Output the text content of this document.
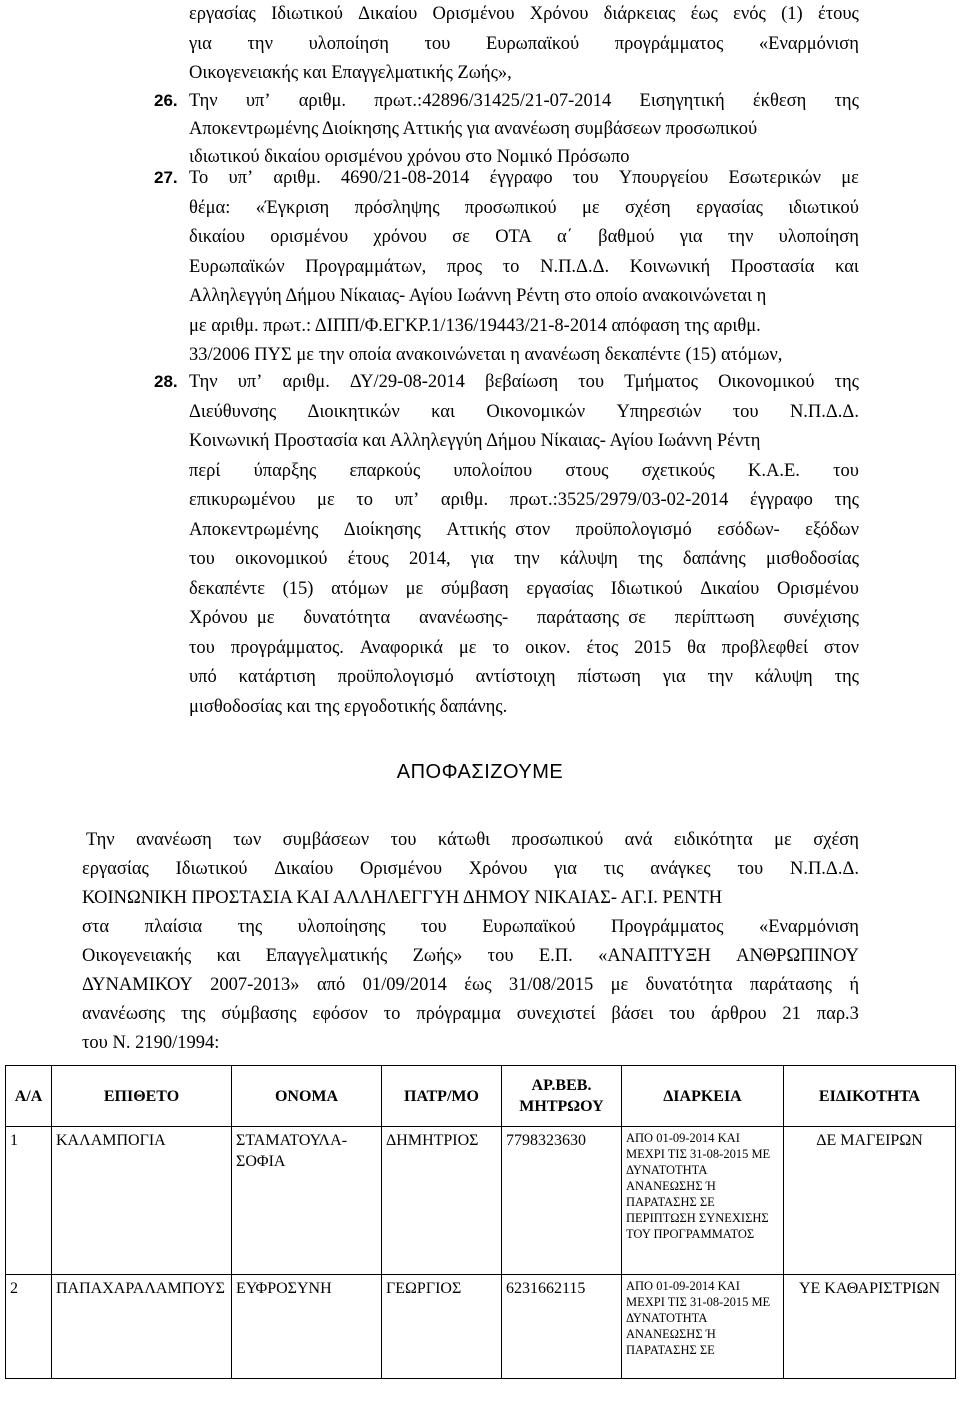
εργασίας Ιδιωτικού Δικαίου Ορισμένου Χρόνου διάρκειας έως ενός (1) έτους
για την υλοποίηση του Ευρωπαϊκού προγράμματος «Εναρμόνιση
Οικογενειακής και Επαγγελματικής Ζωής»,
26. Την υπ’ αριθμ. πρωτ.:42896/31425/21-07-2014 Εισηγητική έκθεση της
Αποκεντρωμένης Διοίκησης Αττικής για ανανέωση συμβάσεων προσωπικού
ιδιωτικού δικαίου ορισμένου χρόνου στο Νομικό Πρόσωπο
27. Το υπ’ αριθμ. 4690/21-08-2014 έγγραφο του Υπουργείου Εσωτερικών με
θέμα: «Έγκριση πρόσληψης προσωπικού με σχέση εργασίας ιδιωτικού
δικαίου ορισμένου χρόνου σε ΟΤΑ α΄ βαθμού για την υλοποίηση
Ευρωπαϊκών Προγραμμάτων, προς το Ν.Π.Δ.Δ. Κοινωνική Προστασία και
Αλληλεγγύη Δήμου Νίκαιας- Αγίου Ιωάννη Ρέντη στο οποίο ανακοινώνεται η
με αριθμ. πρωτ.: ΔΙΠΠ/Φ.ΕΓΚΡ.1/136/19443/21-8-2014 απόφαση της αριθμ.
33/2006 ΠΥΣ με την οποία ανακοινώνεται η ανανέωση δεκαπέντε (15) ατόμων,
28. Την υπ’ αριθμ. ΔΥ/29-08-2014 βεβαίωση του Τμήματος Οικονομικού της
Διεύθυνσης Διοικητικών και Οικονομικών Υπηρεσιών του Ν.Π.Δ.Δ.
Κοινωνική Προστασία και Αλληλεγγύη Δήμου Νίκαιας- Αγίου Ιωάννη Ρέντη
περί ύπαρξης επαρκούς υπολοίπου στους σχετικούς Κ.Α.Ε. του
επικυρωμένου με το υπ’ αριθμ. πρωτ.:3525/2979/03-02-2014 έγγραφο της
Αποκεντρωμένης Διοίκησης Αττικής  στον προϋπολογισμό εσόδων- εξόδων
του οικονομικού έτους 2014, για την κάλυψη της δαπάνης μισθοδοσίας
δεκαπέντε (15) ατόμων με σύμβαση εργασίας Ιδιωτικού Δικαίου Ορισμένου
Χρόνου  με δυνατότητα ανανέωσης- παράτασης  σε περίπτωση συνέχισης
του προγράμματος. Αναφορικά με το οικον. έτος 2015 θα προβλεφθεί στον
υπό κατάρτιση προϋπολογισμό αντίστοιχη πίστωση για την κάλυψη της
μισθοδοσίας και της εργοδοτικής δαπάνης.
Την ανανέωση των συμβάσεων του κάτωθι προσωπικού ανά ειδικότητα με σχέση
εργασίας Ιδιωτικού Δικαίου Ορισμένου Χρόνου για τις ανάγκες του Ν.Π.Δ.Δ.
ΚΟΙΝΩΝΙΚΗ ΠΡΟΣΤΑΣΙΑ ΚΑΙ ΑΛΛΗΛΕΓΓΥΗ ΔΗΜΟΥ ΝΙΚΑΙΑΣ- ΑΓ.Ι. ΡΕΝΤΗ
στα πλαίσια της υλοποίησης του Ευρωπαϊκού Προγράμματος «Εναρμόνιση
Οικογενειακής και Επαγγελματικής Ζωής» του Ε.Π. «ΑΝΑΠΤΥΞΗ ΑΝΘΡΩΠΙΝΟΥ
ΔΥΝΑΜΙΚΟΥ 2007-2013» από 01/09/2014 έως 31/08/2015 με δυνατότητα παράτασης ή
ανανέωσης της σύμβασης εφόσον το πρόγραμμα συνεχιστεί βάσει του άρθρου 21 παρ.3
του Ν. 2190/1994:
ΑΠΟΦΑΣΙΖΟΥΜΕ
Α/Α	ΕΠΙΘΕΤΟ	ΟΝΟΜΑ	ΠΑΤΡ/ΜΟ	ΑΡ.ΒΕΒ. ΜΗΤΡΩΟΥ	ΔΙΑΡΚΕΙΑ	ΕΙΔΙΚΟΤΗΤΑ
1	ΚΑΛΑΜΠΟΓΙΑ	ΣΤΑΜΑΤΟΥΛΑ-ΣΟΦΙΑ	ΔΗΜΗΤΡΙΟΣ	7798323630	ΑΠΟ 01-09-2014 ΚΑΙ ΜΕΧΡΙ ΤΙΣ 31-08-2015 ΜΕ ΔΥΝΑΤΟΤΗΤΑ ΑΝΑΝΕΩΣΗΣ Ή ΠΑΡΑΤΑΣΗΣ ΣΕ ΠΕΡΙΠΤΩΣΗ ΣΥΝΕΧΙΣΗΣ ΤΟΥ ΠΡΟΓΡΑΜΜΑΤΟΣ	ΔΕ ΜΑΓΕΙΡΩΝ
2	ΠΑΠΑΧΑΡΑΛΑΜΠΟΥΣ	ΕΥΦΡΟΣΥΝΗ	ΓΕΩΡΓΙΟΣ	6231662115	ΑΠΟ 01-09-2014 ΚΑΙ ΜΕΧΡΙ ΤΙΣ 31-08-2015 ΜΕ ΔΥΝΑΤΟΤΗΤΑ ΑΝΑΝΕΩΣΗΣ Ή ΠΑΡΑΤΑΣΗΣ ΣΕ	ΥΕ ΚΑΘΑΡΙΣΤΡΙΩΝ
